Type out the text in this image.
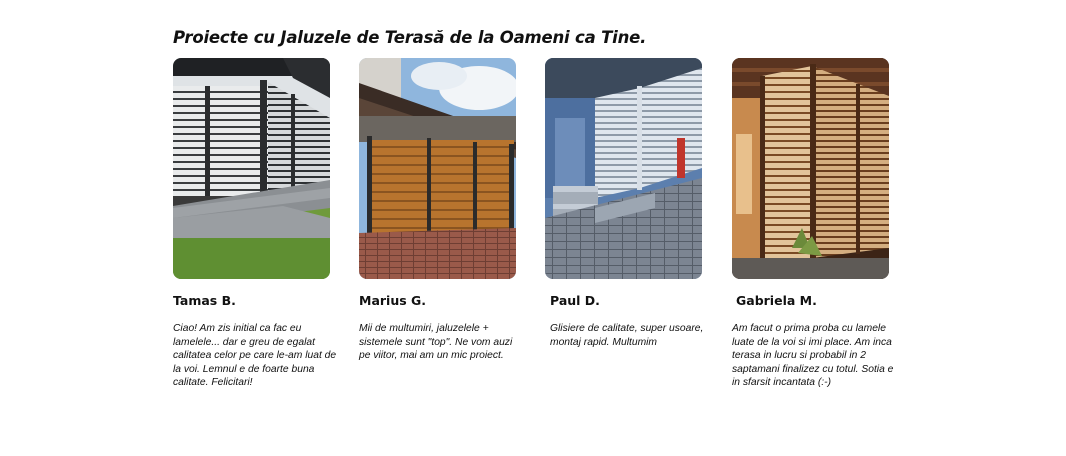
Proiecte cu Jaluzele de Terasă de la Oameni ca Tine.
Tamas B.

Ciao! Am zis initial ca fac eu lamelele... dar e greu de egalat calitatea celor pe care le-am luat de la voi. Lemnul e de foarte buna calitate. Felicitari!

Marius G.

Mii de multumiri, jaluzelele + sistemele sunt "top". Ne vom auzi pe viitor, mai am un mic proiect.

Paul D.

Glisiere de calitate, super usoare, montaj rapid. Multumim

Gabriela M.

Am facut o prima proba cu lamele luate de la voi si imi place. Am inca terasa in lucru si probabil in 2 saptamani finalizez cu totul. Sotia e in sfarsit incantata (:-)
